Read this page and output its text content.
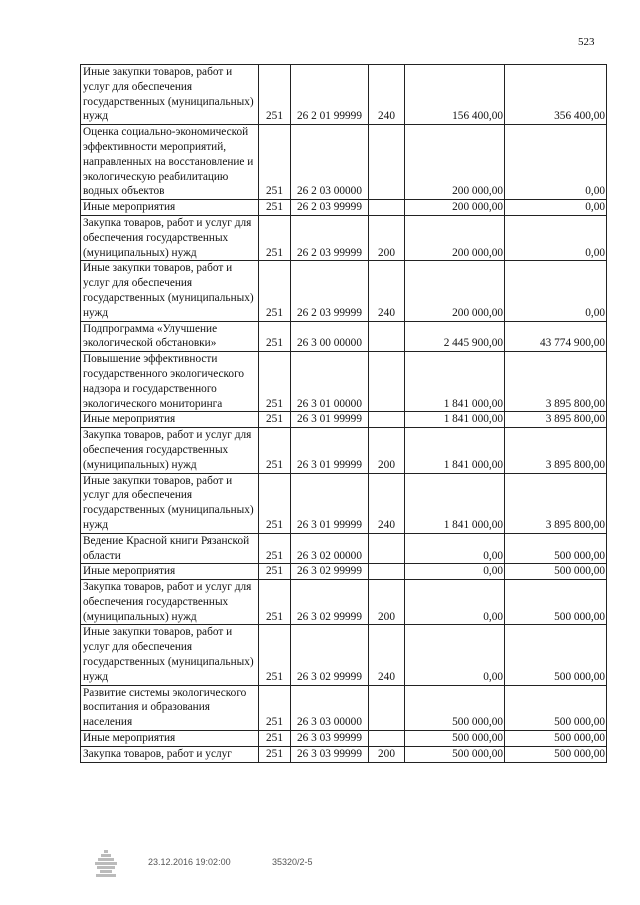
523
Иные закупки товаров, работ и услуг для обеспечения государственных (муниципальных) нужд	251	26 2 01 99999	240	156 400,00	356 400,00
Оценка социально-экономической эффективности мероприятий, направленных на восстановление и экологическую реабилитацию водных объектов	251	26 2 03 00000		200 000,00	0,00
Иные мероприятия	251	26 2 03 99999		200 000,00	0,00
Закупка товаров, работ и услуг для обеспечения государственных (муниципальных) нужд	251	26 2 03 99999	200	200 000,00	0,00
Иные закупки товаров, работ и услуг для обеспечения государственных (муниципальных) нужд	251	26 2 03 99999	240	200 000,00	0,00
Подпрограмма «Улучшение экологической обстановки»	251	26 3 00 00000		2 445 900,00	43 774 900,00
Повышение эффективности государственного экологического надзора и государственного экологического мониторинга	251	26 3 01 00000		1 841 000,00	3 895 800,00
Иные мероприятия	251	26 3 01 99999		1 841 000,00	3 895 800,00
Закупка товаров, работ и услуг для обеспечения государственных (муниципальных) нужд	251	26 3 01 99999	200	1 841 000,00	3 895 800,00
Иные закупки товаров, работ и услуг для обеспечения государственных (муниципальных) нужд	251	26 3 01 99999	240	1 841 000,00	3 895 800,00
Ведение Красной книги Рязанской области	251	26 3 02 00000		0,00	500 000,00
Иные мероприятия	251	26 3 02 99999		0,00	500 000,00
Закупка товаров, работ и услуг для обеспечения государственных (муниципальных) нужд	251	26 3 02 99999	200	0,00	500 000,00
Иные закупки товаров, работ и услуг для обеспечения государственных (муниципальных) нужд	251	26 3 02 99999	240	0,00	500 000,00
Развитие системы экологического воспитания и образования населения	251	26 3 03 00000		500 000,00	500 000,00
Иные мероприятия	251	26 3 03 99999		500 000,00	500 000,00
Закупка товаров, работ и услуг	251	26 3 03 99999	200	500 000,00	500 000,00
23.12.2016 19:02:00	35320/2-5
